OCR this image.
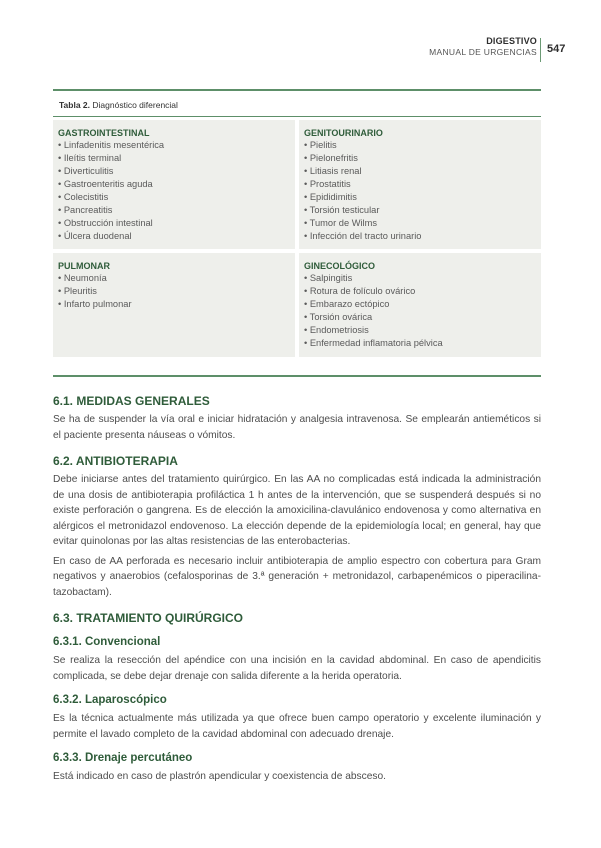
DIGESTIVO
MANUAL DE URGENCIAS 547
Tabla 2. Diagnóstico diferencial
GASTROINTESTINAL
• Linfadenitis mesentérica
• Ileítis terminal
• Diverticulitis
• Gastroenteritis aguda
• Colecistitis
• Pancreatitis
• Obstrucción intestinal
• Úlcera duodenal
GENITOURINARIO
• Pielitis
• Pielonefritis
• Litiasis renal
• Prostatitis
• Epididimitis
• Torsión testicular
• Tumor de Wilms
• Infección del tracto urinario
PULMONAR
• Neumonía
• Pleuritis
• Infarto pulmonar
GINECOLÓGICO
• Salpingitis
• Rotura de folículo ovárico
• Embarazo ectópico
• Torsión ovárica
• Endometriosis
• Enfermedad inflamatoria pélvica
6.1. MEDIDAS GENERALES

Se ha de suspender la vía oral e iniciar hidratación y analgesia intravenosa. Se emplearán antieméticos si el paciente presenta náuseas o vómitos.

6.2. ANTIBIOTERAPIA

Debe iniciarse antes del tratamiento quirúrgico. En las AA no complicadas está indicada la administración de una dosis de antibioterapia profiláctica 1 h antes de la intervención, que se suspenderá después si no existe perforación o gangrena. Es de elección la amoxicilina-clavulánico endovenosa y como alternativa en alérgicos el metronidazol endovenoso. La elección depende de la epidemiología local; en general, hay que evitar quinolonas por las altas resistencias de las enterobacterias.

En caso de AA perforada es necesario incluir antibioterapia de amplio espectro con cobertura para Gram negativos y anaerobios (cefalosporinas de 3.ª generación + metronidazol, carbapenémicos o piperacilina-tazobactam).

6.3. TRATAMIENTO QUIRÚRGICO
6.3.1. Convencional

Se realiza la resección del apéndice con una incisión en la cavidad abdominal. En caso de apendicitis complicada, se debe dejar drenaje con salida diferente a la herida operatoria.

6.3.2. Laparoscópico

Es la técnica actualmente más utilizada ya que ofrece buen campo operatorio y excelente iluminación y permite el lavado completo de la cavidad abdominal con adecuado drenaje.

6.3.3. Drenaje percutáneo

Está indicado en caso de plastrón apendicular y coexistencia de absceso.
